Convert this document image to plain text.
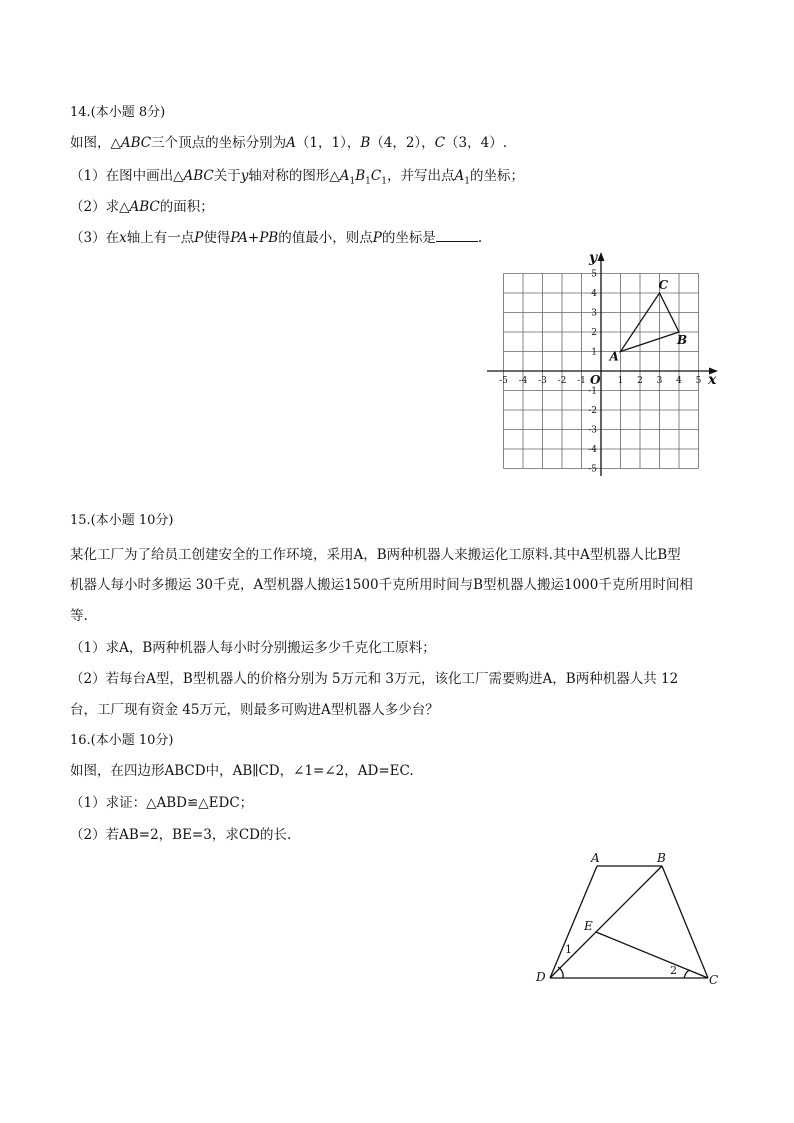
14.(本小题 8分)
如图，△ABC三个顶点的坐标分别为A（1，1），B（4，2），C（3，4）.
（1）在图中画出△ABC关于y轴对称的图形$\triangle A_1B_1C_1$，并写出点$A_1$的坐标；
（2）求△ABC的面积；
（3）在x轴上有一点P使得PA+PB的值最小，则点P的坐标是	.
x
y
O
-5 -4 -3 -2 -1	1 2 3 4 5
5
4
3
2
1
-1
-2
-3
-4
-5
A
B
C
15.(本小题 10分)
某化工厂为了给员工创建安全的工作环境，采用A，B两种机器人来搬运化工原料.其中A型机器人比B型
机器人每小时多搬运 30千克，A型机器人搬运1500千克所用时间与B型机器人搬运1000千克所用时间相
等.
（1）求A，B两种机器人每小时分别搬运多少千克化工原料；
（2）若每台A型，B型机器人的价格分别为 5万元和 3万元，该化工厂需要购进A，B两种机器人共 12
台，工厂现有资金 45万元，则最多可购进A型机器人多少台？
16.(本小题 10分)
如图，在四边形ABCD中，AB∥CD，∠1=∠2，AD=EC.
（1）求证：△ABD≌△EDC；
（2）若AB=2，BE=3，求CD的长.
A	B
C
D
E
1
2
